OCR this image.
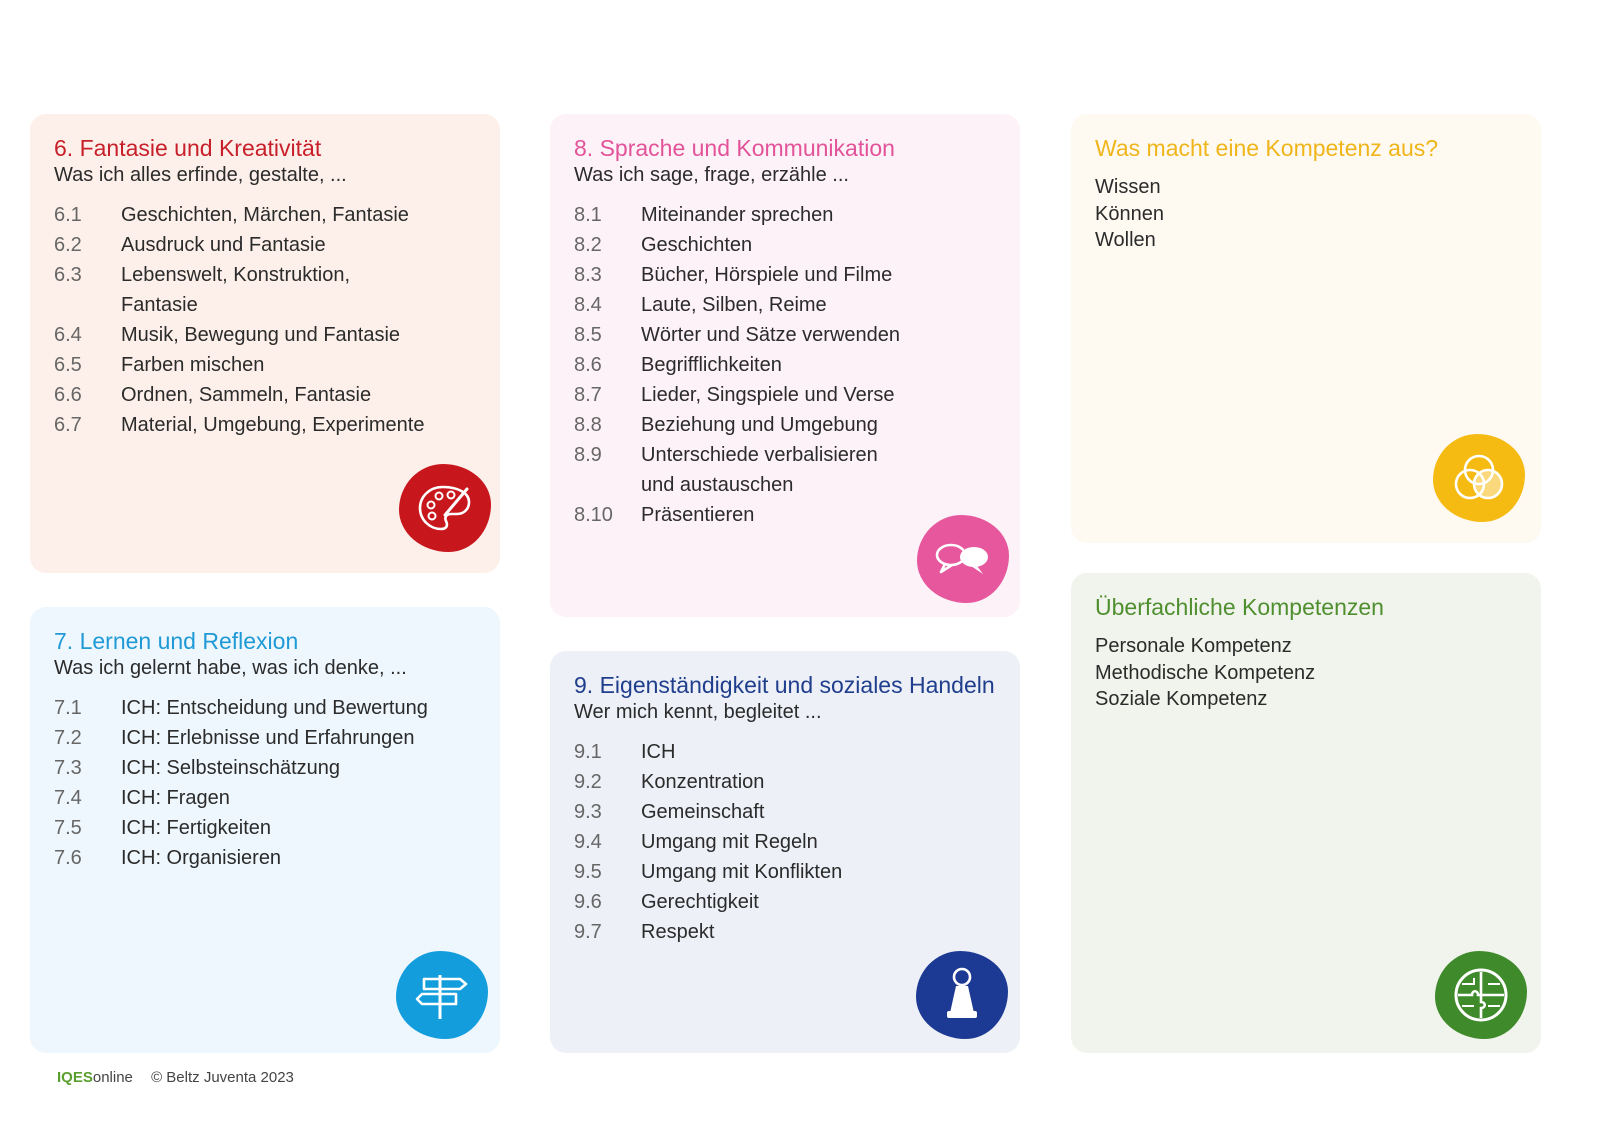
6. Fantasie und Kreativität
Was ich alles erfinde, gestalte, ...
6.1	Geschichten, Märchen, Fantasie
6.2	Ausdruck und Fantasie
6.3	Lebenswelt, Konstruktion,
Fantasie
6.4	Musik, Bewegung und Fantasie
6.5	Farben mischen
6.6	Ordnen, Sammeln, Fantasie
6.7	Material, Umgebung, Experimente
7. Lernen und Reflexion
Was ich gelernt habe, was ich denke, ...
7.1	ICH: Entscheidung und Bewertung
7.2	ICH: Erlebnisse und Erfahrungen
7.3	ICH: Selbsteinschätzung
7.4	ICH: Fragen
7.5	ICH: Fertigkeiten
7.6	ICH: Organisieren
8. Sprache und Kommunikation
Was ich sage, frage, erzähle ...
8.1	Miteinander sprechen
8.2	Geschichten
8.3	Bücher, Hörspiele und Filme
8.4	Laute, Silben, Reime
8.5	Wörter und Sätze verwenden
8.6	Begrifflichkeiten
8.7	Lieder, Singspiele und Verse
8.8	Beziehung und Umgebung
8.9	Unterschiede verbalisieren
und austauschen
8.10	Präsentieren
9. Eigenständigkeit und soziales Handeln
Wer mich kennt, begleitet ...
9.1	ICH
9.2	Konzentration
9.3	Gemeinschaft
9.4	Umgang mit Regeln
9.5	Umgang mit Konflikten
9.6	Gerechtigkeit
9.7	Respekt
Was macht eine Kompetenz aus?
Wissen
Können
Wollen
Überfachliche Kompetenzen
Personale Kompetenz
Methodische Kompetenz
Soziale Kompetenz
IQESonline © Beltz Juventa 2023
